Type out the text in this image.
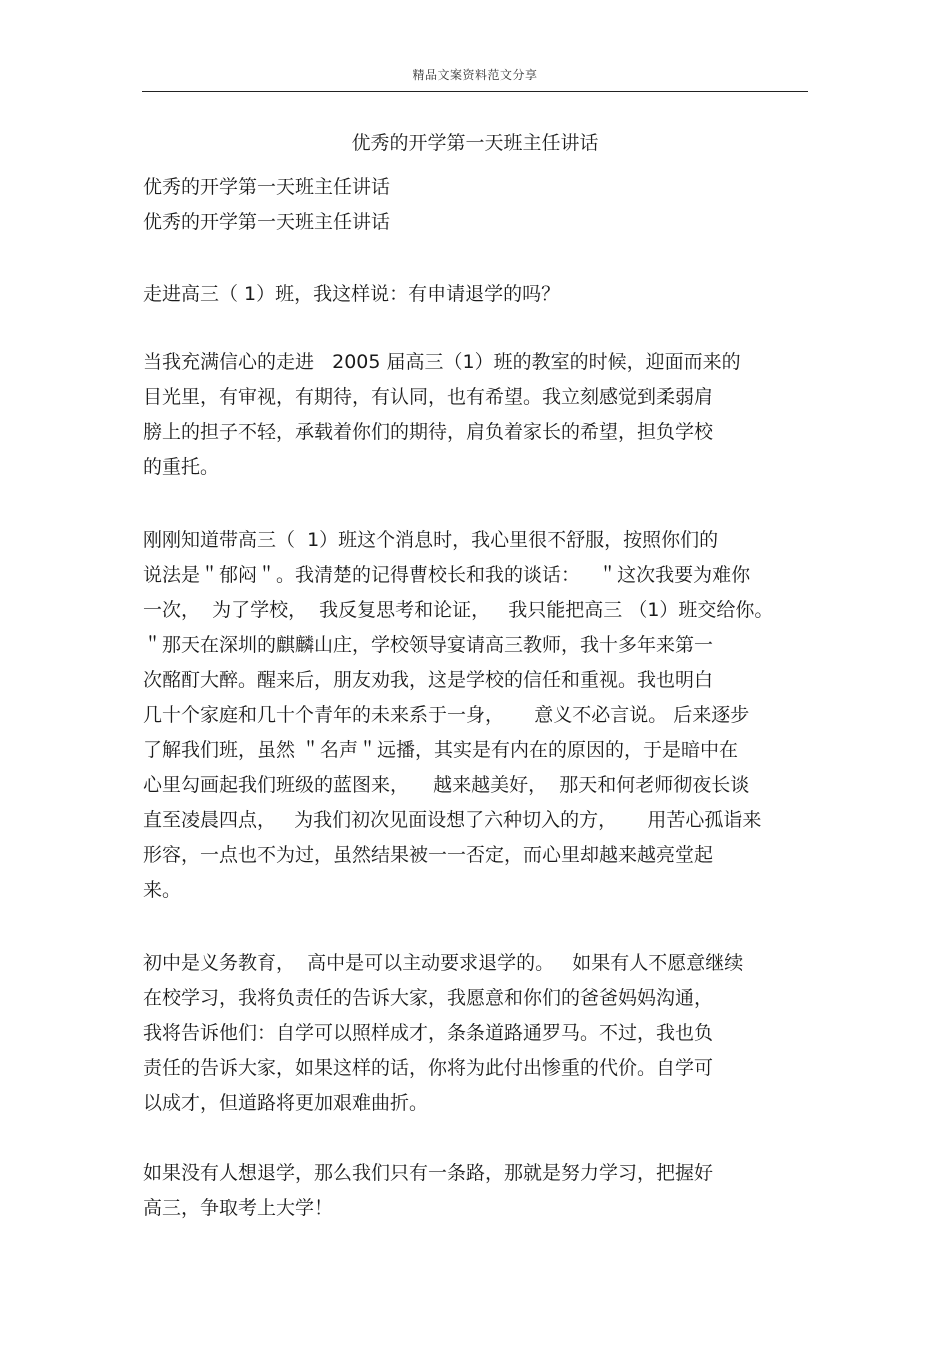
精品文案资料范文分享
优秀的开学第一天班主任讲话
优秀的开学第一天班主任讲话
优秀的开学第一天班主任讲话
走进高三（ 1）班，我这样说：有申请退学的吗？
当我充满信心的走进   2005 届高三（1）班的教室的时候，迎面而来的
目光里，有审视，有期待，有认同，也有希望。我立刻感觉到柔弱肩
膀上的担子不轻，承载着你们的期待，肩负着家长的希望，担负学校
的重托。
刚刚知道带高三（  1）班这个消息时，我心里很不舒服，按照你们的
说法是＂郁闷＂。我清楚的记得曹校长和我的谈话：   ＂这次我要为难你
一次，  为了学校，  我反复思考和论证，   我只能把高三 （1）班交给你。
＂那天在深圳的麒麟山庄，学校领导宴请高三教师，我十多年来第一
次酩酊大醉。醒来后，朋友劝我，这是学校的信任和重视。我也明白
几十个家庭和几十个青年的未来系于一身，     意义不必言说。 后来逐步
了解我们班，虽然 ＂名声＂远播，其实是有内在的原因的，于是暗中在
心里勾画起我们班级的蓝图来，    越来越美好，  那天和何老师彻夜长谈
直至凌晨四点，   为我们初次见面设想了六种切入的方，     用苦心孤诣来
形容，一点也不为过，虽然结果被一一否定，而心里却越来越亮堂起
来。
初中是义务教育，  高中是可以主动要求退学的。   如果有人不愿意继续
在校学习，我将负责任的告诉大家，我愿意和你们的爸爸妈妈沟通，
我将告诉他们：自学可以照样成才，条条道路通罗马。不过，我也负
责任的告诉大家，如果这样的话，你将为此付出惨重的代价。自学可
以成才，但道路将更加艰难曲折。
如果没有人想退学，那么我们只有一条路，那就是努力学习，把握好
高三，争取考上大学！
